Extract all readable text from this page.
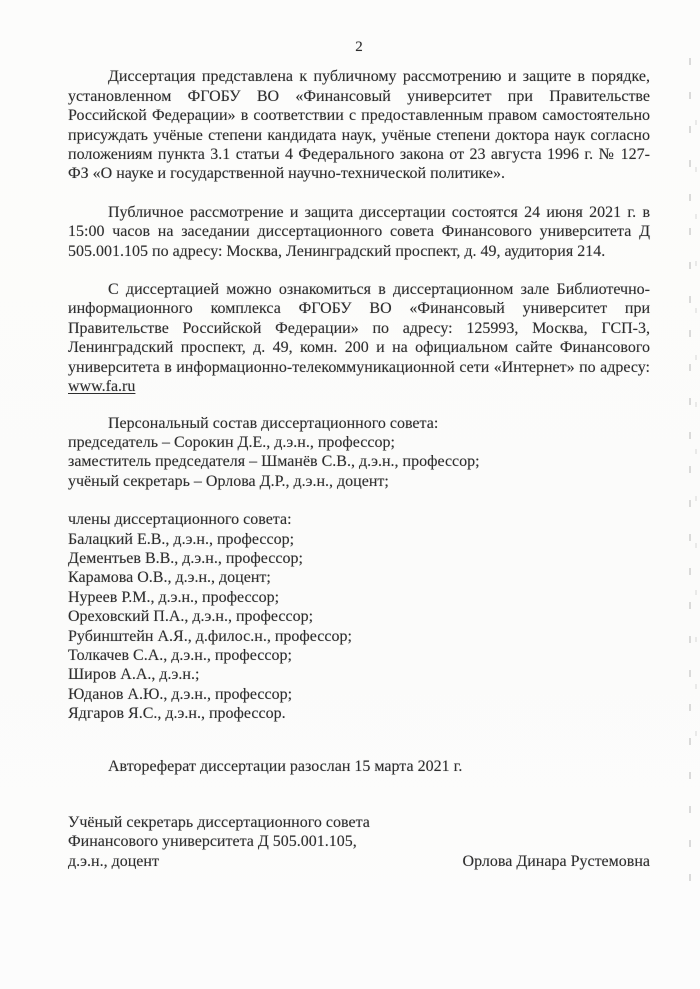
2

Диссертация представлена к публичному рассмотрению и защите в порядке, установленном ФГОБУ ВО «Финансовый университет при Правительстве Российской Федерации» в соответствии с предоставленным правом самостоятельно присуждать учёные степени кандидата наук, учёные степени доктора наук согласно положениям пункта 3.1 статьи 4 Федерального закона от 23 августа 1996 г. № 127-ФЗ «О науке и государственной научно-технической политике».

Публичное рассмотрение и защита диссертации состоятся 24 июня 2021 г. в 15:00 часов на заседании диссертационного совета Финансового университета Д 505.001.105 по адресу: Москва, Ленинградский проспект, д. 49, аудитория 214.

С диссертацией можно ознакомиться в диссертационном зале Библиотечно-информационного комплекса ФГОБУ ВО «Финансовый университет при Правительстве Российской Федерации» по адресу: 125993, Москва, ГСП-3, Ленинградский проспект, д. 49, комн. 200 и на официальном сайте Финансового университета в информационно-телекоммуникационной сети «Интернет» по адресу: www.fa.ru

Персональный состав диссертационного совета:
председатель – Сорокин Д.Е., д.э.н., профессор;
заместитель председателя – Шманёв С.В., д.э.н., профессор;
учёный секретарь – Орлова Д.Р., д.э.н., доцент;
члены диссертационного совета:
Балацкий Е.В., д.э.н., профессор;
Дементьев В.В., д.э.н., профессор;
Карамова О.В., д.э.н., доцент;
Нуреев Р.М., д.э.н., профессор;
Ореховский П.А., д.э.н., профессор;
Рубинштейн А.Я., д.филос.н., профессор;
Толкачев С.А., д.э.н., профессор;
Широв А.А., д.э.н.;
Юданов А.Ю., д.э.н., профессор;
Ядгаров Я.С., д.э.н., профессор.
Автореферат диссертации разослан 15 марта 2021 г.
Учёный секретарь диссертационного совета
Финансового университета Д 505.001.105,
д.э.н., доцент	Орлова Динара Рустемовна
